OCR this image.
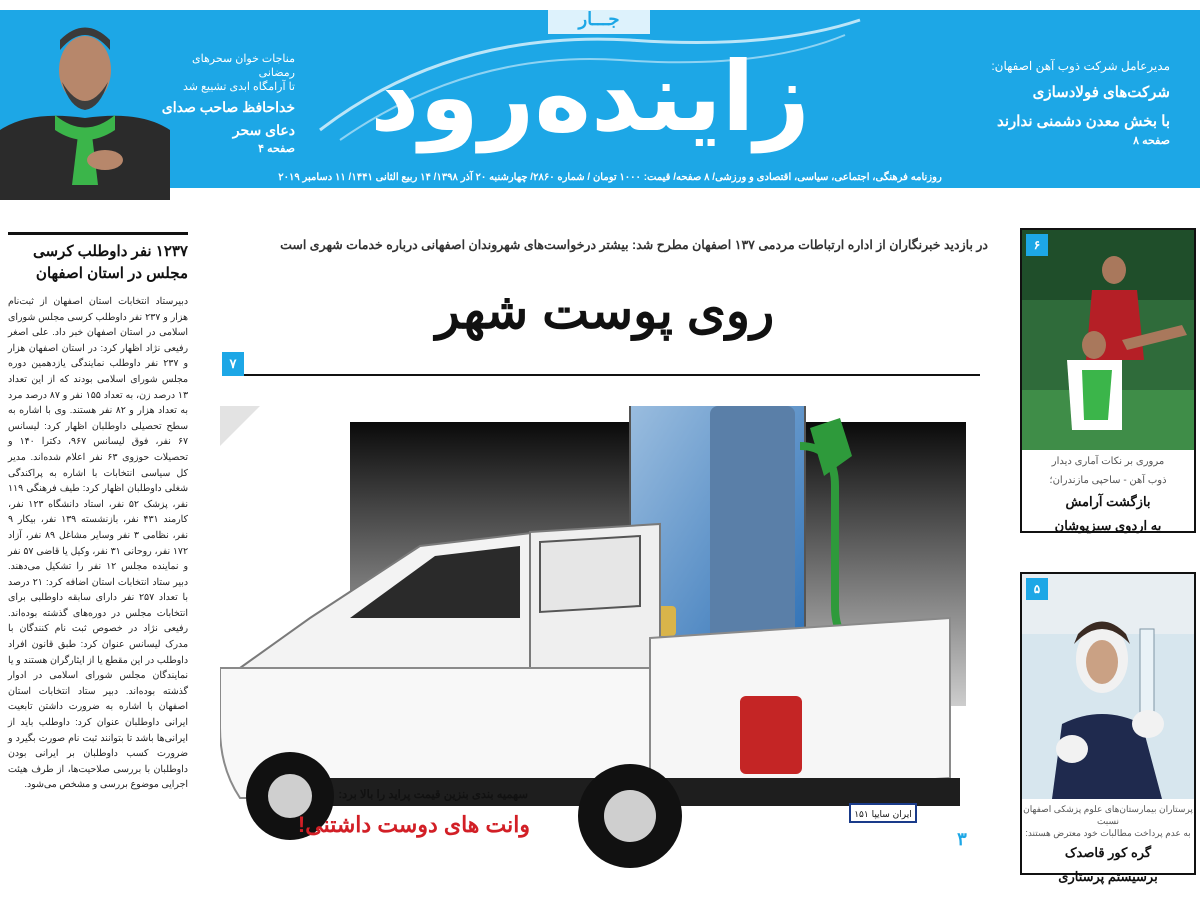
مناجات خوان سحرهای رمضانی
تا آرامگاه ابدی تشییع شد
خداحافظ صاحب صدای
دعای سحر
صفحه ۴ زاینده‌رود
جـــار
مدیرعامل شرکت ذوب آهن اصفهان:
شرکت‌های فولادسازی
با بخش معدن دشمنی ندارند
صفحه ۸
روزنامه فرهنگی، اجتماعی، سیاسی، اقتصادی و ورزشی/ ۸ صفحه/ قیمت: ۱۰۰۰ تومان / شماره ۲۸۶۰/ چهارشنبه ۲۰ آذر ۱۳۹۸/ ۱۴ ربیع الثانی ۱۴۴۱/ ۱۱ دسامبر ۲۰۱۹
۱۲۳۷ نفر داوطلب کرسی
مجلس در استان اصفهان
دبیرستاد انتخابات استان اصفهان از ثبت‌نام هزار و ۲۳۷ نفر داوطلب کرسی مجلس شورای اسلامی در استان اصفهان خبر داد. علی اصغر رفیعی نژاد اظهار کرد: در استان اصفهان هزار و ۲۳۷ نفر داوطلب نمایندگی یازدهمین دوره مجلس شورای اسلامی بودند که از این تعداد ۱۳ درصد زن، به تعداد ۱۵۵ نفر و ۸۷ درصد مرد به تعداد هزار و ۸۲ نفر هستند. وی با اشاره به سطح تحصیلی داوطلبان اظهار کرد: لیسانس ۶۷ نفر، فوق لیسانس ۹۶۷، دکترا ۱۴۰ و تحصیلات حوزوی ۶۳ نفر اعلام شده‌اند. مدیر کل سیاسی انتخابات با اشاره به پراکندگی شغلی داوطلبان اظهار کرد: طیف فرهنگی ۱۱۹ نفر، پزشک ۵۲ نفر، استاد دانشگاه ۱۲۳ نفر، کارمند ۴۳۱ نفر، بازنشسته ۱۳۹ نفر، بیکار ۹ نفر، نظامی ۳ نفر وسایر مشاغل ۸۹ نفر، آزاد ۱۷۲ نفر، روحانی ۳۱ نفر، وکیل یا قاضی ۵۷ نفر و نماینده مجلس ۱۲ نفر را تشکیل می‌دهند. دبیر ستاد انتخابات استان اضافه کرد: ۲۱ درصد با تعداد ۲۵۷ نفر دارای سابقه داوطلبی برای انتخابات مجلس در دوره‌های گذشته بوده‌اند. رفیعی نژاد در خصوص ثبت نام کنندگان با مدرک لیسانس عنوان کرد: طبق قانون افراد داوطلب در این مقطع یا از ایثارگران هستند و یا نمایندگان مجلس شورای اسلامی در ادوار گذشته بوده‌اند. دبیر ستاد انتخابات استان اصفهان با اشاره به ضرورت داشتن تابعیت ایرانی داوطلبان عنوان کرد: داوطلب باید از ایرانی‌ها باشد تا بتوانند ثبت نام صورت بگیرد و ضرورت کسب داوطلبان بر ایرانی بودن داوطلبان با بررسی صلاحیت‌ها، از طرف هیئت اجرایی موضوع بررسی و مشخص می‌شود.
در بازدید خبرنگاران از اداره ارتباطات مردمی ۱۳۷ اصفهان مطرح شد: بیشتر درخواست‌های شهروندان اصفهانی درباره خدمات شهری است
روی پوست شهر
۷
ایران سایپا ۱۵۱
سهمیه بندی بنزین قیمت پراید را بالا برد:
وانت های دوست داشتنی!
۳
۶
مروری بر نکات آماری دیدار
ذوب آهن - ساحپی مازندران؛
بازگشت آرامش
به اردوی سبزپوشان
۵
پرستاران بیمارستان‌های علوم پزشکی اصفهان نسبت
به عدم پرداخت مطالبات خود معترض هستند:
گره کور قاصدک
برسیستم پرستاری
